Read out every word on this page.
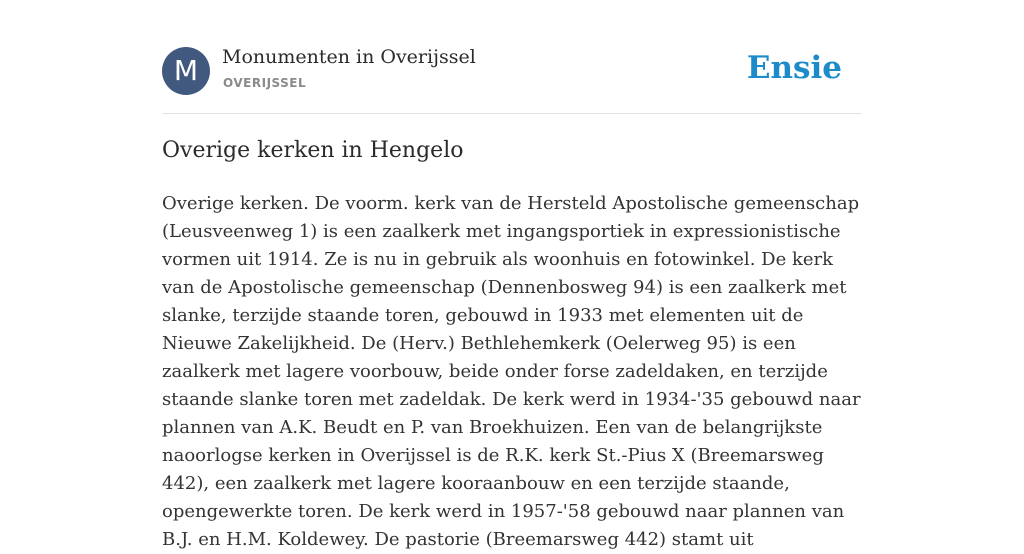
M	Monumenten in Overijssel
OVERIJSSEL	Ensie
Overige kerken in Hengelo

Overige kerken. De voorm. kerk van de Hersteld Apostolische gemeenschap (Leusveenweg 1) is een zaalkerk met ingangsportiek in expressionistische vormen uit 1914. Ze is nu in gebruik als woonhuis en fotowinkel. De kerk van de Apostolische gemeenschap (Dennenbosweg 94) is een zaalkerk met slanke, terzijde staande toren, gebouwd in 1933 met elementen uit de Nieuwe Zakelijkheid. De (Herv.) Bethlehemkerk (Oelerweg 95) is een zaalkerk met lagere voorbouw, beide onder forse zadeldaken, en terzijde staande slanke toren met zadeldak. De kerk werd in 1934-'35 gebouwd naar plannen van A.K. Beudt en P. van Broekhuizen. Een van de belangrijkste naoorlogse kerken in Overijssel is de R.K. kerk St.-Pius X (Breemarsweg 442), een zaalkerk met lagere kooraanbouw en een terzijde staande, opengewerkte toren. De kerk werd in 1957-'58 gebouwd naar plannen van B.J. en H.M. Koldewey. De pastorie (Breemarsweg 442) stamt uit
